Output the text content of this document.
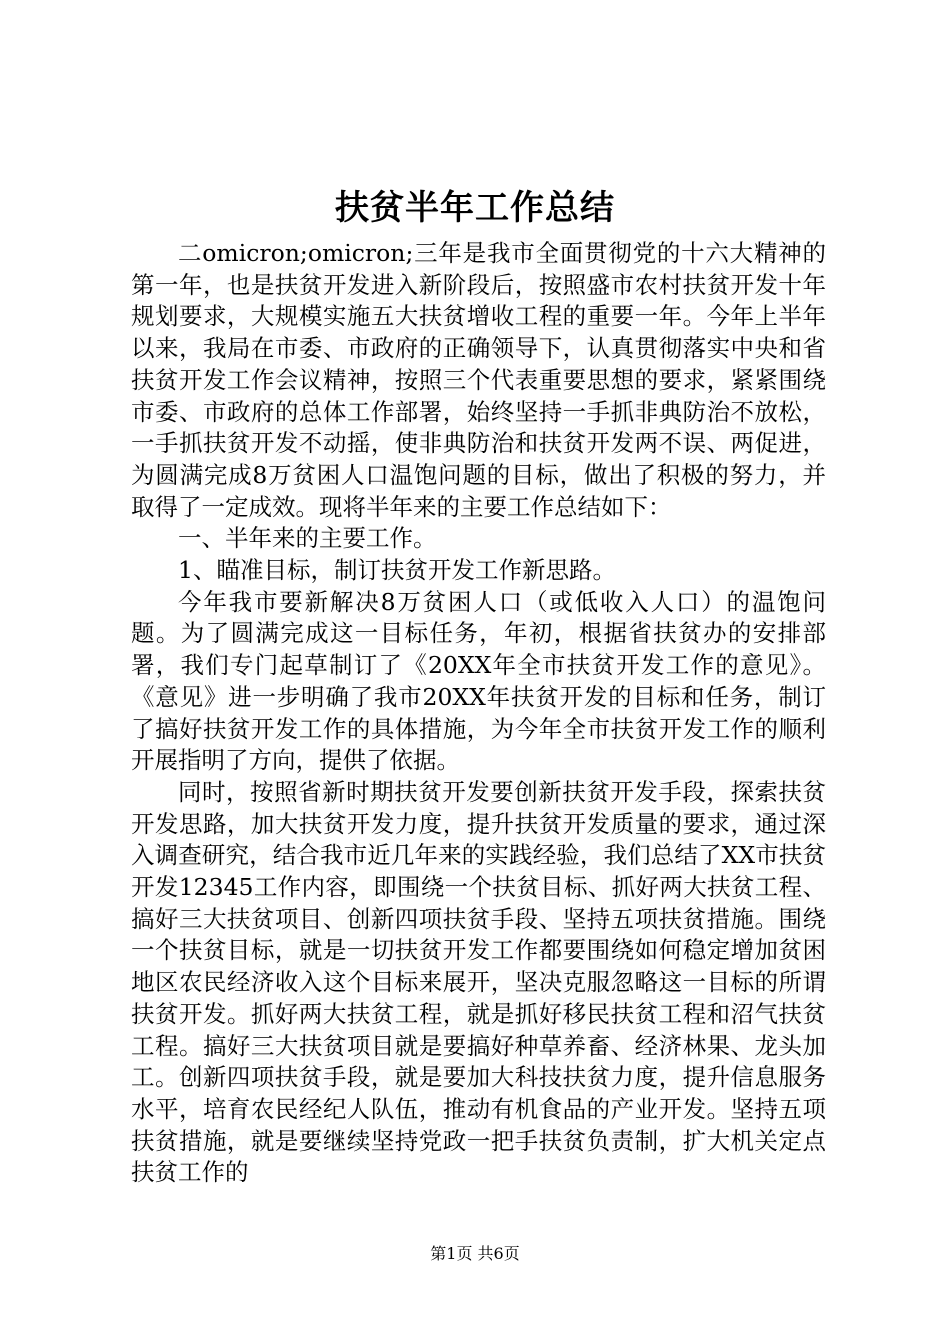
扶贫半年工作总结

二omicron;omicron;三年是我市全面贯彻党的十六大精神的第一年，也是扶贫开发进入新阶段后，按照盛市农村扶贫开发十年规划要求，大规模实施五大扶贫增收工程的重要一年。今年上半年以来，我局在市委、市政府的正确领导下，认真贯彻落实中央和省扶贫开发工作会议精神，按照三个代表重要思想的要求，紧紧围绕市委、市政府的总体工作部署，始终坚持一手抓非典防治不放松，一手抓扶贫开发不动摇，使非典防治和扶贫开发两不误、两促进，为圆满完成8万贫困人口温饱问题的目标，做出了积极的努力，并取得了一定成效。现将半年来的主要工作总结如下：

一、半年来的主要工作。

1、瞄准目标，制订扶贫开发工作新思路。

今年我市要新解决8万贫困人口（或低收入人口）的温饱问题。为了圆满完成这一目标任务，年初，根据省扶贫办的安排部署，我们专门起草制订了《20XX年全市扶贫开发工作的意见》。《意见》进一步明确了我市20XX年扶贫开发的目标和任务，制订了搞好扶贫开发工作的具体措施，为今年全市扶贫开发工作的顺利开展指明了方向，提供了依据。

同时，按照省新时期扶贫开发要创新扶贫开发手段，探索扶贫开发思路，加大扶贫开发力度，提升扶贫开发质量的要求，通过深入调查研究，结合我市近几年来的实践经验，我们总结了XX市扶贫开发12345工作内容，即围绕一个扶贫目标、抓好两大扶贫工程、搞好三大扶贫项目、创新四项扶贫手段、坚持五项扶贫措施。围绕一个扶贫目标，就是一切扶贫开发工作都要围绕如何稳定增加贫困地区农民经济收入这个目标来展开，坚决克服忽略这一目标的所谓扶贫开发。抓好两大扶贫工程，就是抓好移民扶贫工程和沼气扶贫工程。搞好三大扶贫项目就是要搞好种草养畜、经济林果、龙头加工。创新四项扶贫手段，就是要加大科技扶贫力度，提升信息服务水平，培育农民经纪人队伍，推动有机食品的产业开发。坚持五项扶贫措施，就是要继续坚持党政一把手扶贫负责制，扩大机关定点扶贫工作的

第1页 共6页
